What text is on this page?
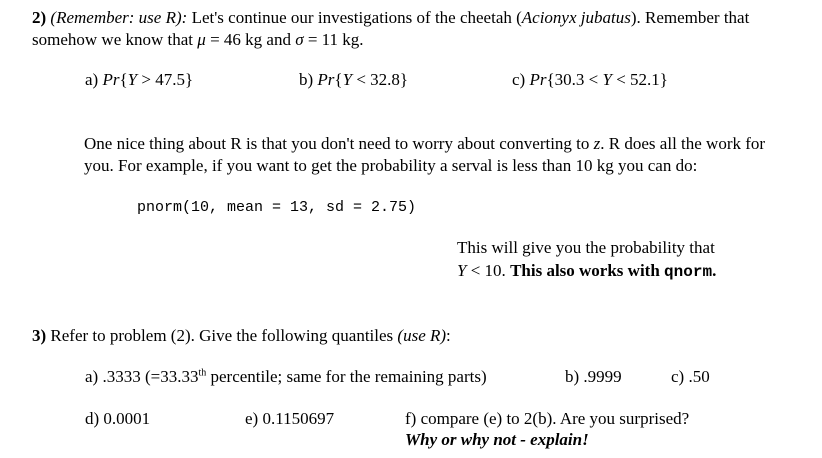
2) (Remember: use R): Let's continue our investigations of the cheetah (Acionyx jubatus). Remember that
somehow we know that μ = 46 kg and σ = 11 kg.
a) Pr{Y > 47.5}	b) Pr{Y < 32.8}	c) Pr{30.3 < Y < 52.1}
One nice thing about R is that you don't need to worry about converting to z. R does all the work for
you. For example, if you want to get the probability a serval is less than 10 kg you can do:
pnorm(10, mean = 13, sd = 2.75)
This will give you the probability that
Y < 10. This also works with qnorm.
3) Refer to problem (2). Give the following quantiles (use R):
a) .3333 (=33.33th percentile; same for the remaining parts)	b) .9999	c) .50
d) 0.0001	e) 0.1150697	f) compare (e) to 2(b). Are you surprised?
Why or why not - explain!
